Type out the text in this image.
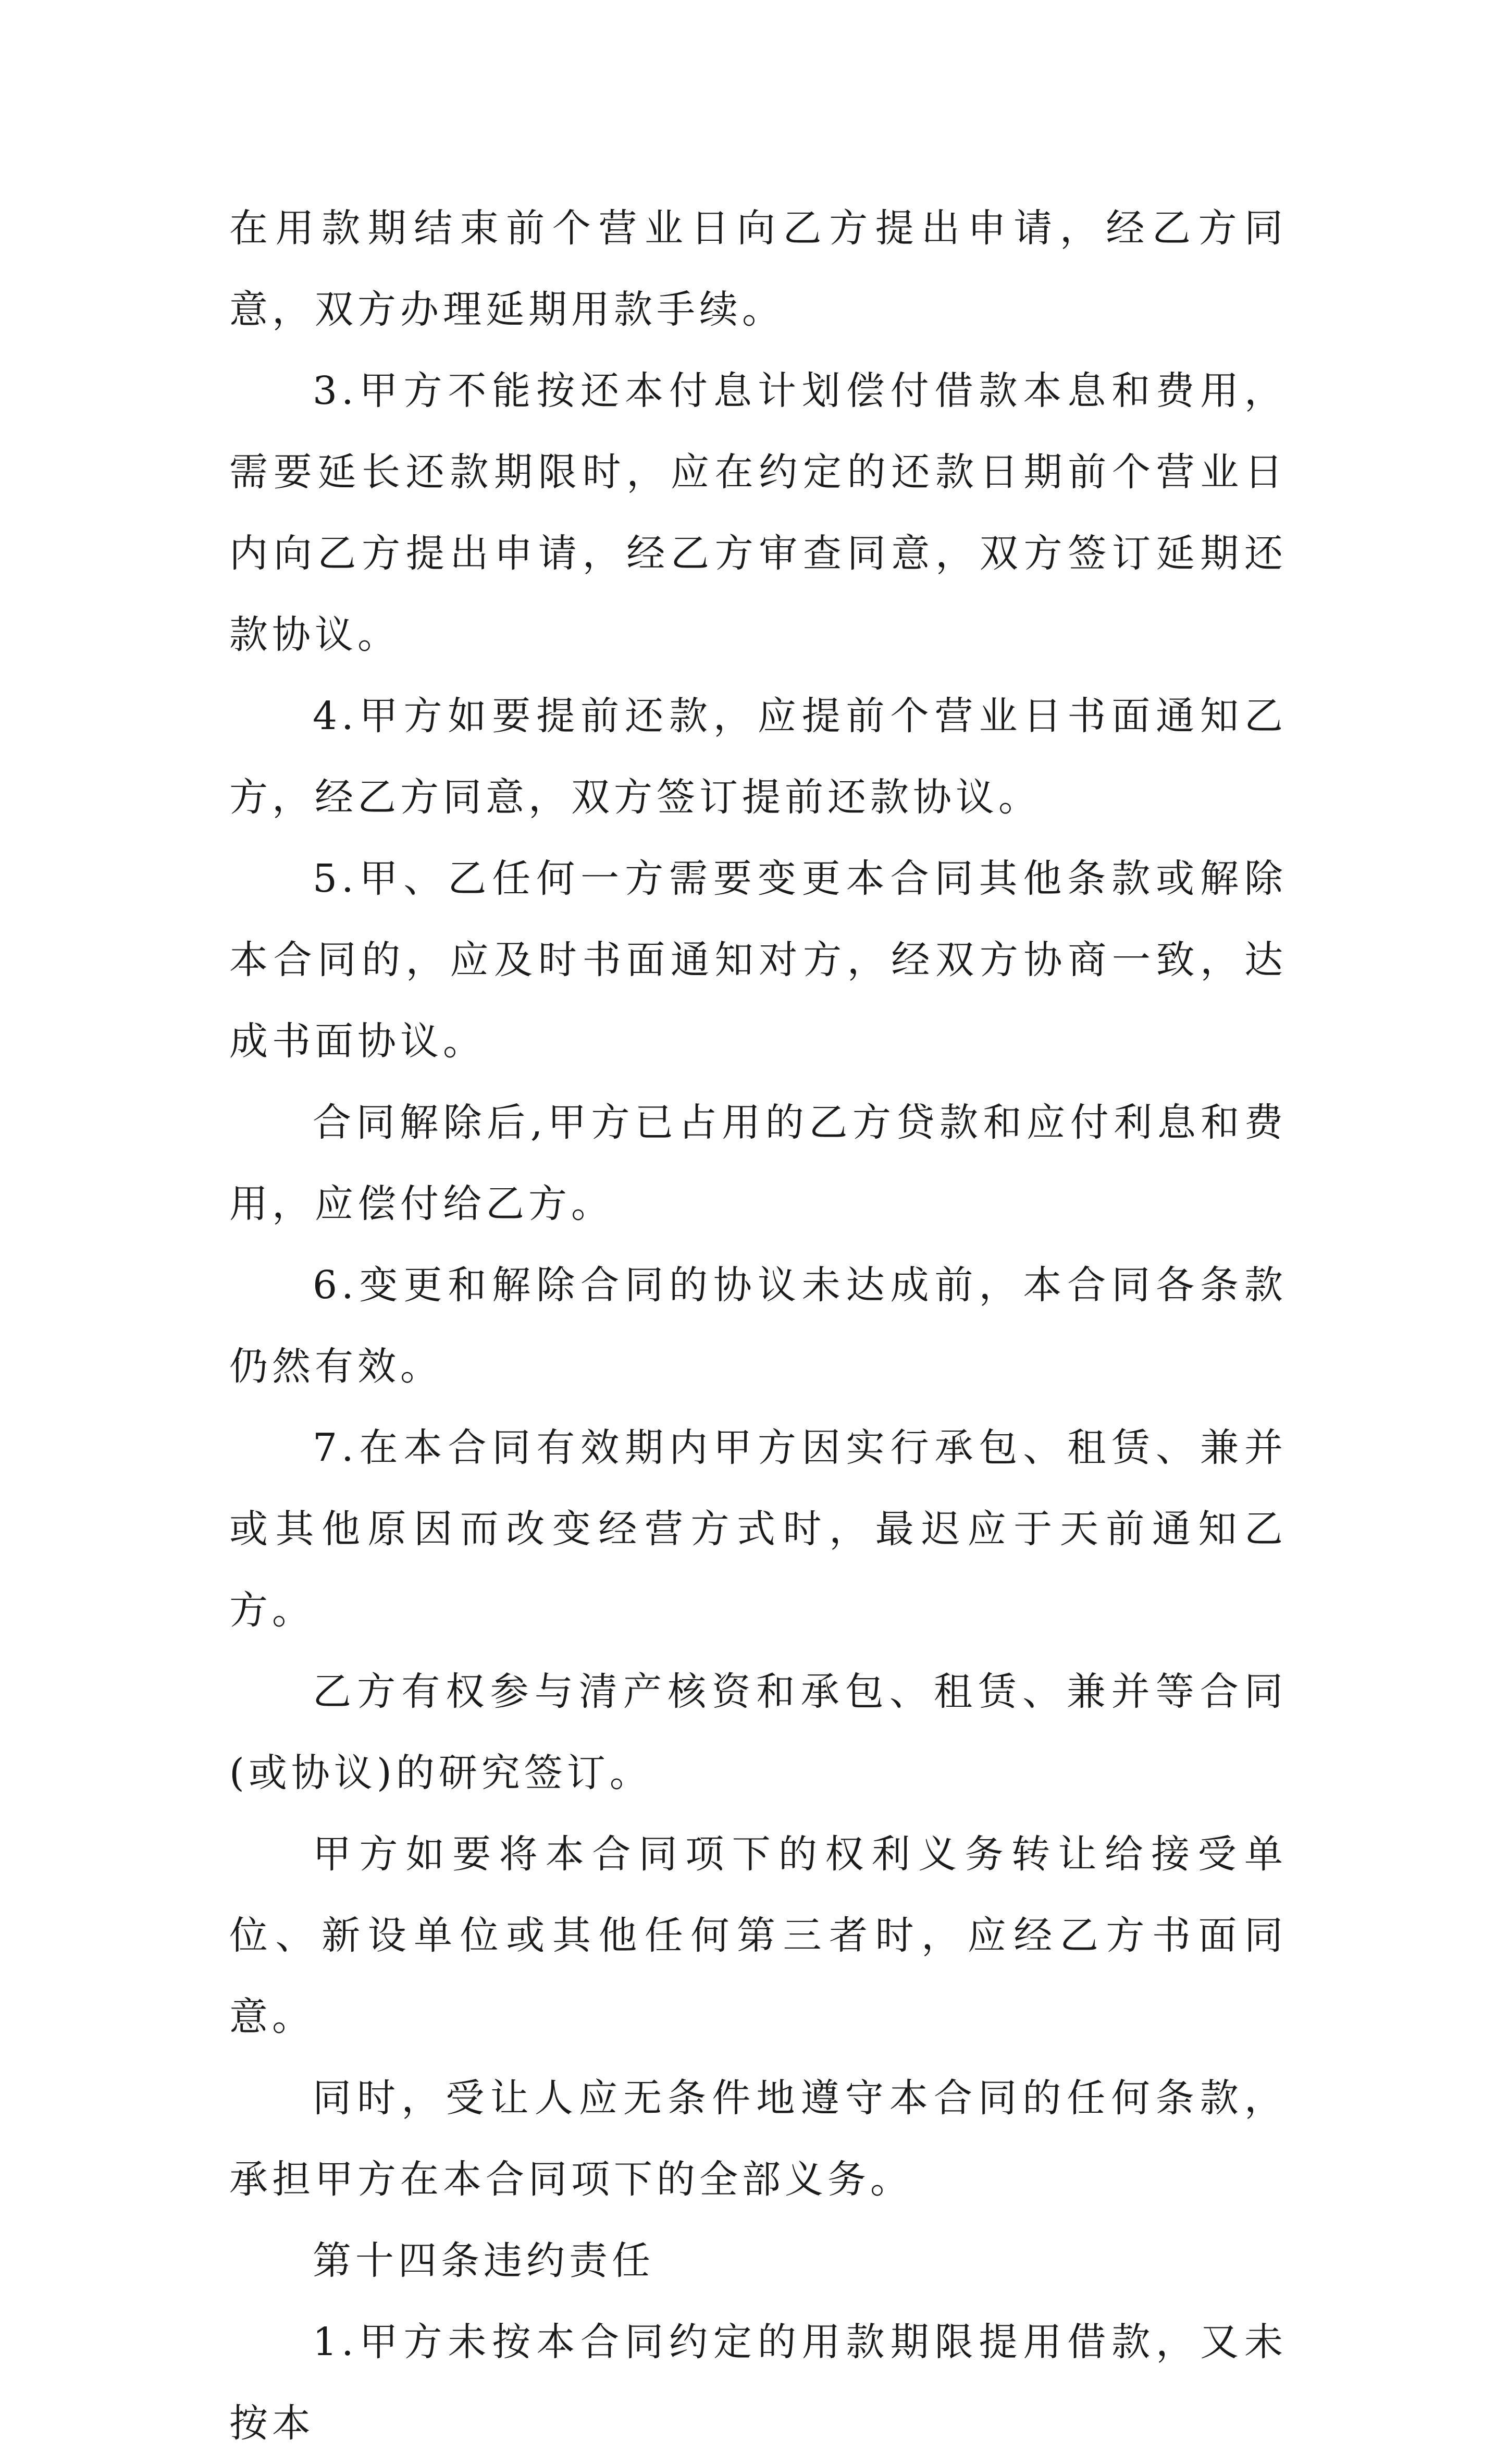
在用款期结束前个营业日向乙方提出申请，经乙方同意，双方办理延期用款手续。

3.甲方不能按还本付息计划偿付借款本息和费用，需要延长还款期限时，应在约定的还款日期前个营业日内向乙方提出申请，经乙方审查同意，双方签订延期还款协议。

4.甲方如要提前还款，应提前个营业日书面通知乙方，经乙方同意，双方签订提前还款协议。

5.甲、乙任何一方需要变更本合同其他条款或解除本合同的，应及时书面通知对方，经双方协商一致，达成书面协议。

合同解除后,甲方已占用的乙方贷款和应付利息和费用，应偿付给乙方。

6.变更和解除合同的协议未达成前，本合同各条款仍然有效。

7.在本合同有效期内甲方因实行承包、租赁、兼并或其他原因而改变经营方式时，最迟应于天前通知乙方。

乙方有权参与清产核资和承包、租赁、兼并等合同(或协议)的研究签订。

甲方如要将本合同项下的权利义务转让给接受单位、新设单位或其他任何第三者时，应经乙方书面同意。

同时，受让人应无条件地遵守本合同的任何条款，承担甲方在本合同项下的全部义务。

第十四条违约责任

1.甲方未按本合同约定的用款期限提用借款，又未按本
